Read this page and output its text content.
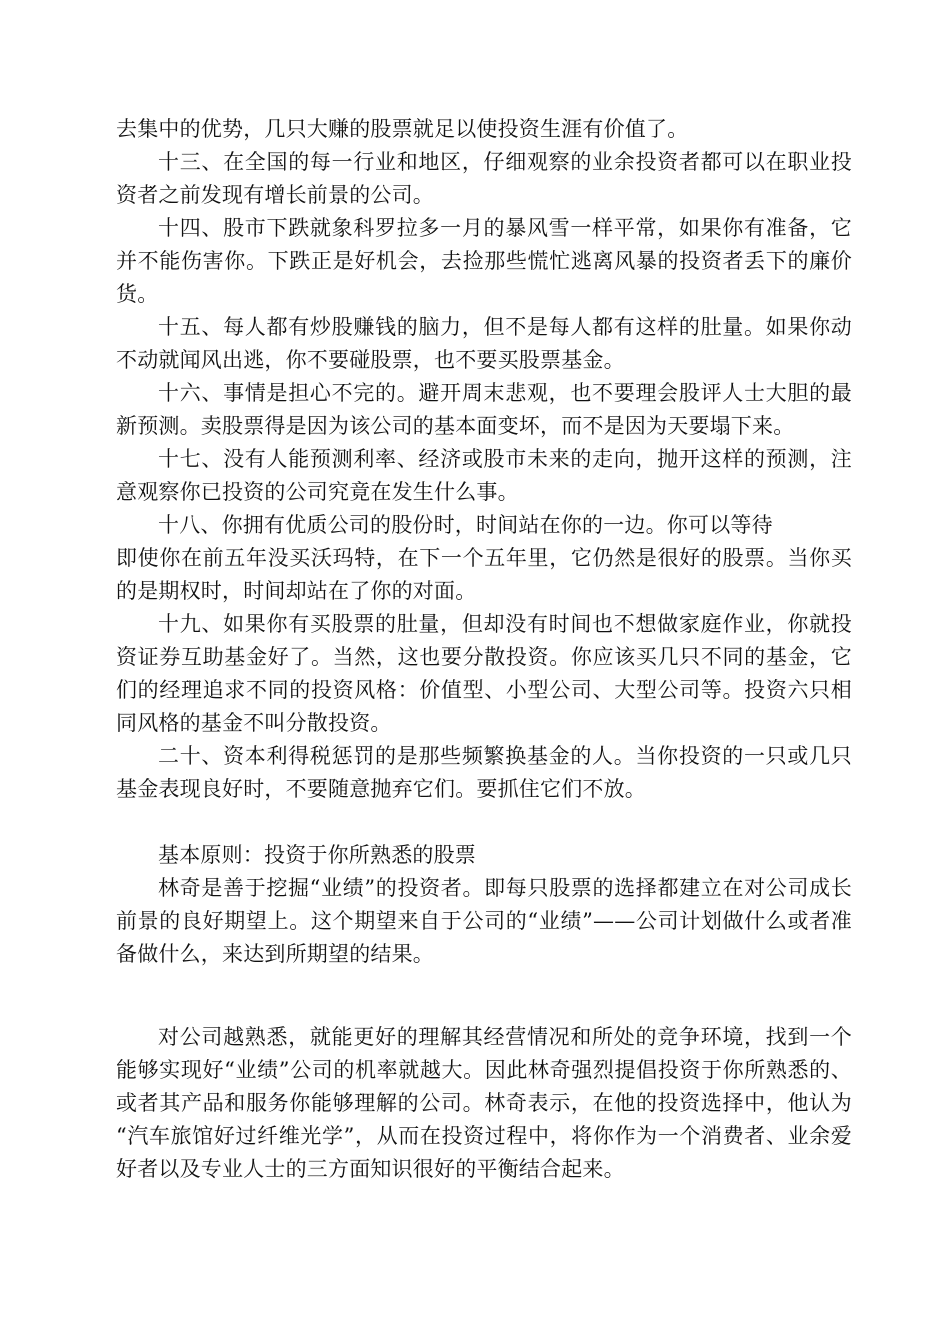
去集中的优势，几只大赚的股票就足以使投资生涯有价值了。

十三、在全国的每一行业和地区，仔细观察的业余投资者都可以在职业投资者之前发现有增长前景的公司。

十四、股市下跌就象科罗拉多一月的暴风雪一样平常，如果你有准备，它并不能伤害你。下跌正是好机会，去捡那些慌忙逃离风暴的投资者丢下的廉价货。

十五、每人都有炒股赚钱的脑力，但不是每人都有这样的肚量。如果你动不动就闻风出逃，你不要碰股票，也不要买股票基金。

十六、事情是担心不完的。避开周末悲观，也不要理会股评人士大胆的最新预测。卖股票得是因为该公司的基本面变坏，而不是因为天要塌下来。

十七、没有人能预测利率、经济或股市未来的走向，抛开这样的预测，注意观察你已投资的公司究竟在发生什么事。

十八、你拥有优质公司的股份时，时间站在你的一边。你可以等待

即使你在前五年没买沃玛特，在下一个五年里，它仍然是很好的股票。当你买的是期权时，时间却站在了你的对面。

十九、如果你有买股票的肚量，但却没有时间也不想做家庭作业，你就投资证券互助基金好了。当然，这也要分散投资。你应该买几只不同的基金，它们的经理追求不同的投资风格：价值型、小型公司、大型公司等。投资六只相同风格的基金不叫分散投资。

二十、资本利得税惩罚的是那些频繁换基金的人。当你投资的一只或几只基金表现良好时，不要随意抛弃它们。要抓住它们不放。

基本原则：投资于你所熟悉的股票

林奇是善于挖掘“业绩”的投资者。即每只股票的选择都建立在对公司成长前景的良好期望上。这个期望来自于公司的“业绩”——公司计划做什么或者准备做什么，来达到所期望的结果。

对公司越熟悉，就能更好的理解其经营情况和所处的竞争环境，找到一个能够实现好“业绩”公司的机率就越大。因此林奇强烈提倡投资于你所熟悉的、或者其产品和服务你能够理解的公司。林奇表示，在他的投资选择中，他认为 “汽车旅馆好过纤维光学”，从而在投资过程中，将你作为一个消费者、业余爱好者以及专业人士的三方面知识很好的平衡结合起来。
